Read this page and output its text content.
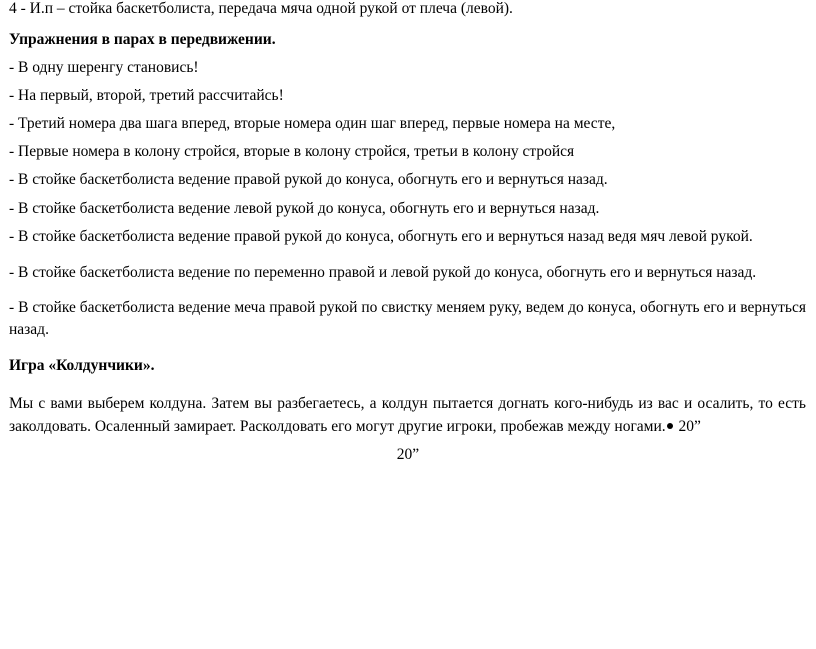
4 - И.п – стойка баскетболиста, передача мяча одной рукой от плеча (левой).
Упражнения в парах в передвижении.
- В одну шеренгу становись!
- На первый, второй, третий рассчитайсь!
- Третий номера два шага вперед, вторые номера один шаг вперед, первые номера на месте,
- Первые номера в колону стройся, вторые в колону стройся, третьи в колону стройся
- В стойке баскетболиста ведение правой рукой до конуса, обогнуть его и вернуться назад.
- В стойке баскетболиста ведение левой рукой до конуса, обогнуть его и вернуться назад.
- В стойке баскетболиста ведение правой рукой до конуса, обогнуть его и вернуться назад ведя мяч левой рукой.
- В стойке баскетболиста ведение по переменно правой и левой рукой до конуса, обогнуть его и вернуться назад.
- В стойке баскетболиста ведение меча правой рукой по свистку меняем руку, ведем до конуса, обогнуть его и вернуться назад.
Игра «Колдунчики».
Мы с вами выберем колдуна. Затем вы разбегаетесь, а колдун пытается догнать кого-нибудь из вас и осалить, то есть заколдовать. Осаленный замирает. Расколдовать его могут другие игроки, пробежав между ногами. 20”
20”
